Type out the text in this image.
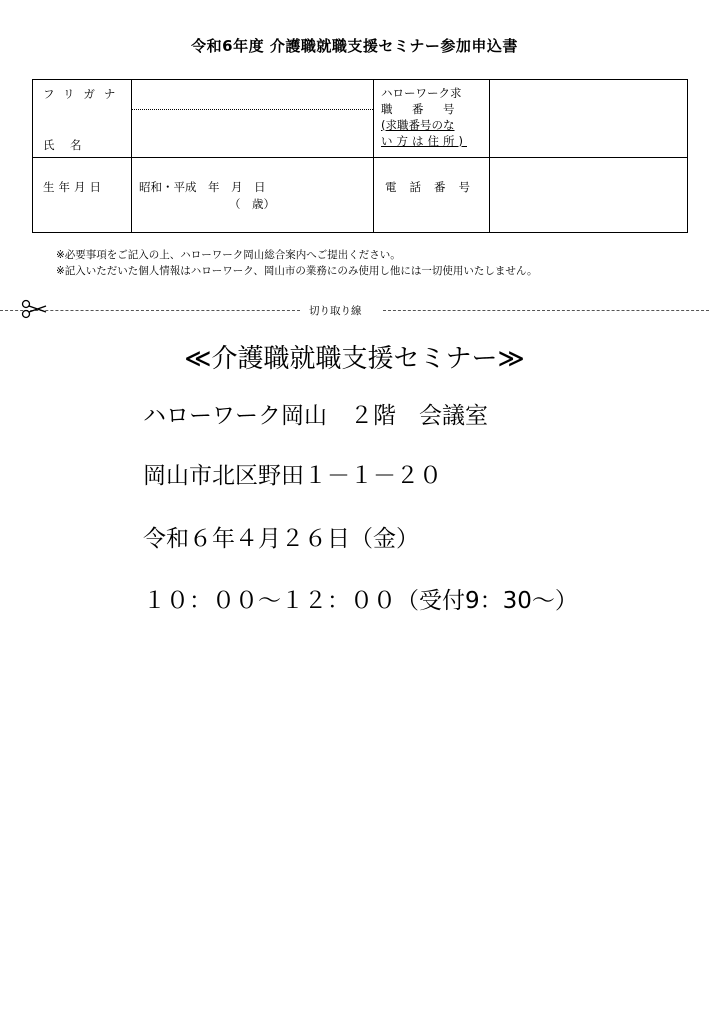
令和6年度 介護職就職支援セミナー参加申込書
フリガナ
氏　名
ハローワーク求
職　番　号
(求職番号のな
い方は住所)
生年月日	昭和・平成　年　月　日
（　歳）
電話番号
※必要事項をご記入の上、ハローワーク岡山総合案内へご提出ください。
※記入いただいた個人情報はハローワーク、岡山市の業務にのみ使用し他には一切使用いたしません。
切り取り線
≪介護職就職支援セミナー≫
ハローワーク岡山　２階　会議室
岡山市北区野田１－１－２０
令和６年４月２６日（金）
１０：００～１２：００（受付9：30～）
